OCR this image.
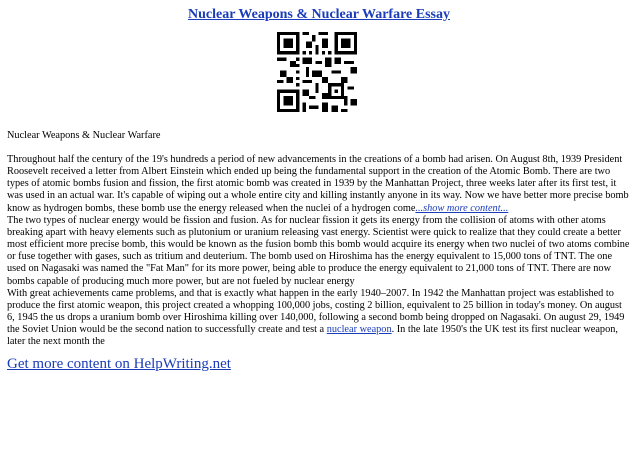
Nuclear Weapons & Nuclear Warfare Essay
Nuclear Weapons & Nuclear Warfare

Throughout half the century of the 19's hundreds a period of new advancements in the creations of a bomb had arisen. On August 8th, 1939 President Roosevelt received a letter from Albert Einstein which ended up being the fundamental support in the creation of the Atomic Bomb. There are two types of atomic bombs fusion and fission, the first atomic bomb was created in 1939 by the Manhattan Project, three weeks later after its first test, it was used in an actual war. It's capable of wiping out a whole entire city and killing instantly anyone in its way. Now we have better more precise bomb know as hydrogen bombs, these bomb use the energy released when the nuclei of a hydrogen come...show more content...

The two types of nuclear energy would be fission and fusion. As for nuclear fission it gets its energy from the collision of atoms with other atoms breaking apart with heavy elements such as plutonium or uranium releasing vast energy. Scientist were quick to realize that they could create a better most efficient more precise bomb, this would be known as the fusion bomb this bomb would acquire its energy when two nuclei of two atoms combine or fuse together with gases, such as tritium and deuterium. The bomb used on Hiroshima has the energy equivalent to 15,000 tons of TNT. The one used on Nagasaki was named the "Fat Man" for its more power, being able to produce the energy equivalent to 21,000 tons of TNT. There are now bombs capable of producing much more power, but are not fueled by nuclear energy

With great achievements came problems, and that is exactly what happen in the early 1940–2007. In 1942 the Manhattan project was established to produce the first atomic weapon, this project created a whopping 100,000 jobs, costing 2 billion, equivalent to 25 billion in today's money. On august 6, 1945 the us drops a uranium bomb over Hiroshima killing over 140,000, following a second bomb being dropped on Nagasaki. On august 29, 1949 the Soviet Union would be the second nation to successfully create and test a nuclear weapon. In the late 1950's the UK test its first nuclear weapon, later the next month the

Get more content on HelpWriting.net
